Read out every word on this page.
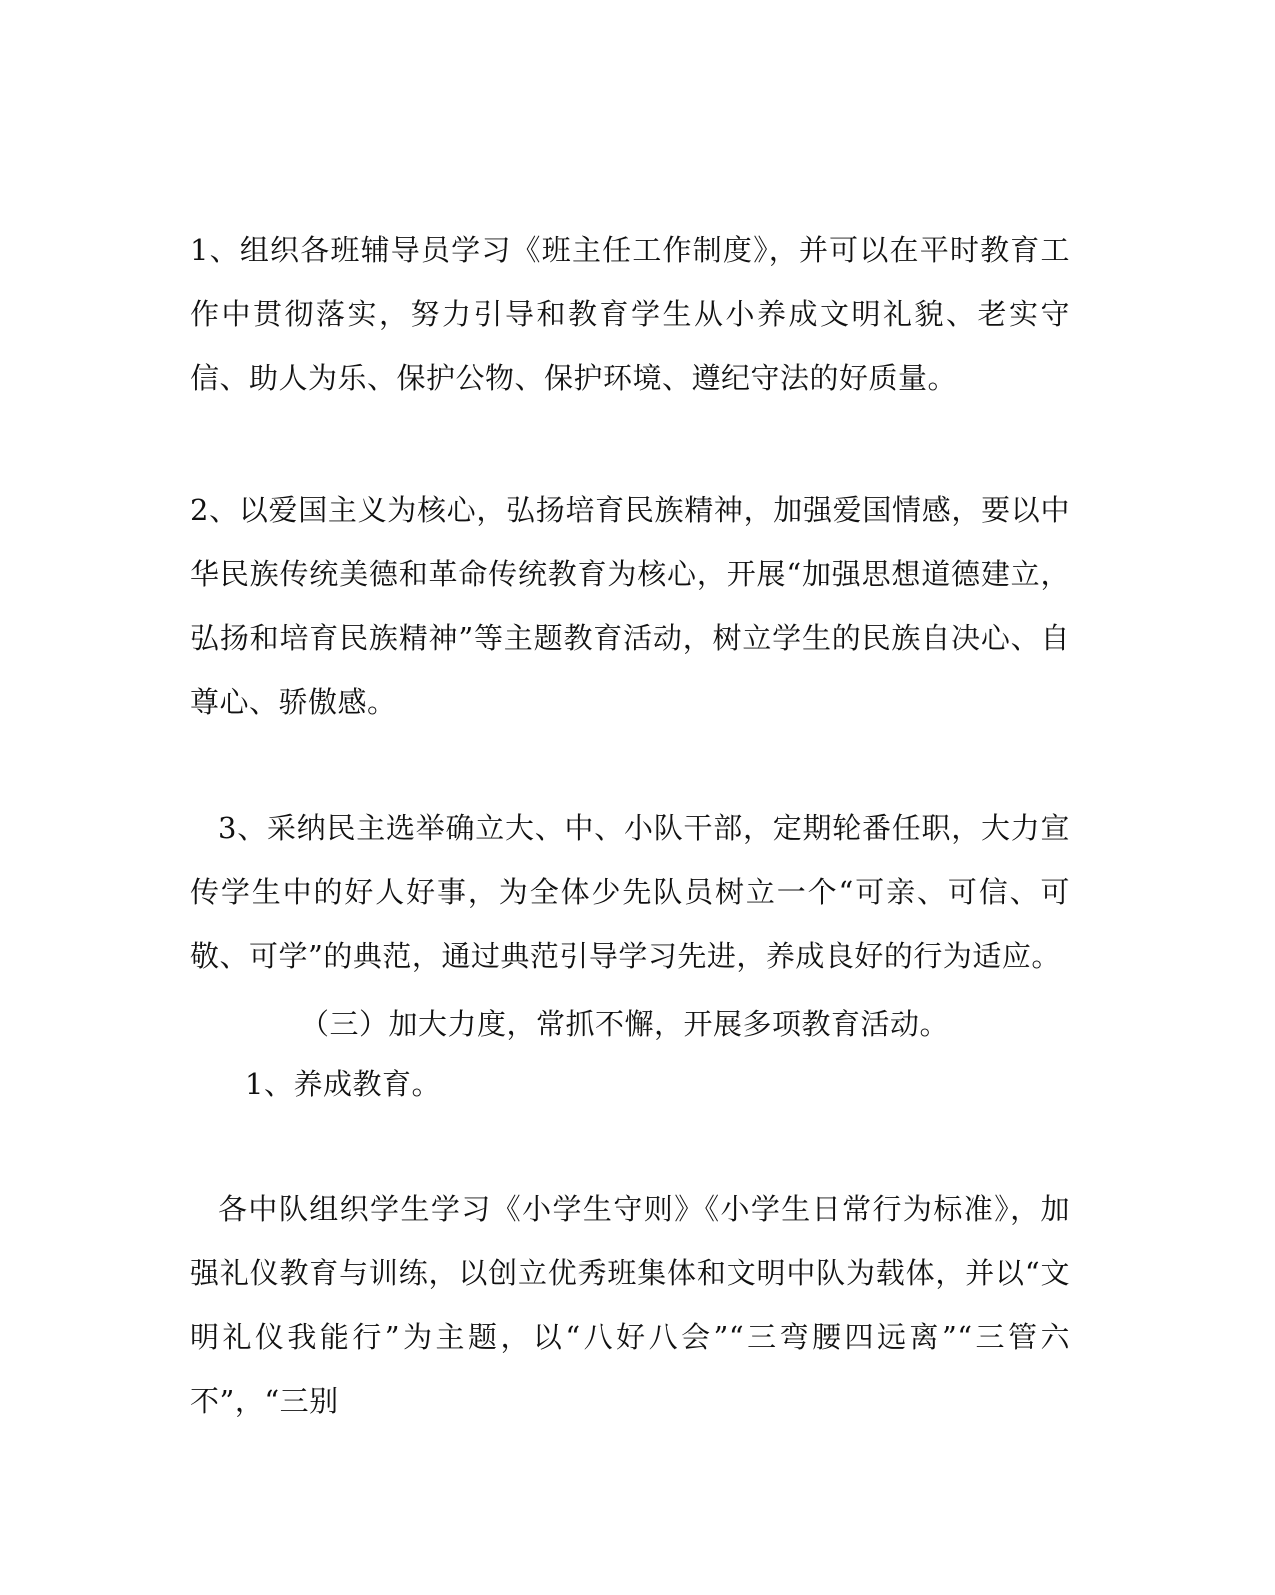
1、组织各班辅导员学习《班主任工作制度》，并可以在平时教育工作中贯彻落实，努力引导和教育学生从小养成文明礼貌、老实守信、助人为乐、保护公物、保护环境、遵纪守法的好质量。

2、以爱国主义为核心，弘扬培育民族精神，加强爱国情感，要以中华民族传统美德和革命传统教育为核心，开展“加强思想道德建立，弘扬和培育民族精神”等主题教育活动，树立学生的民族自决心、自尊心、骄傲感。

3、采纳民主选举确立大、中、小队干部，定期轮番任职，大力宣传学生中的好人好事，为全体少先队员树立一个“可亲、可信、可敬、可学”的典范，通过典范引导学习先进，养成良好的行为适应。

（三）加大力度，常抓不懈，开展多项教育活动。

1、养成教育。

各中队组织学生学习《小学生守则》《小学生日常行为标准》，加强礼仪教育与训练，以创立优秀班集体和文明中队为载体，并以“文明礼仪我能行”为主题，以“八好八会”“三弯腰四远离”“三管六不”，“三别
